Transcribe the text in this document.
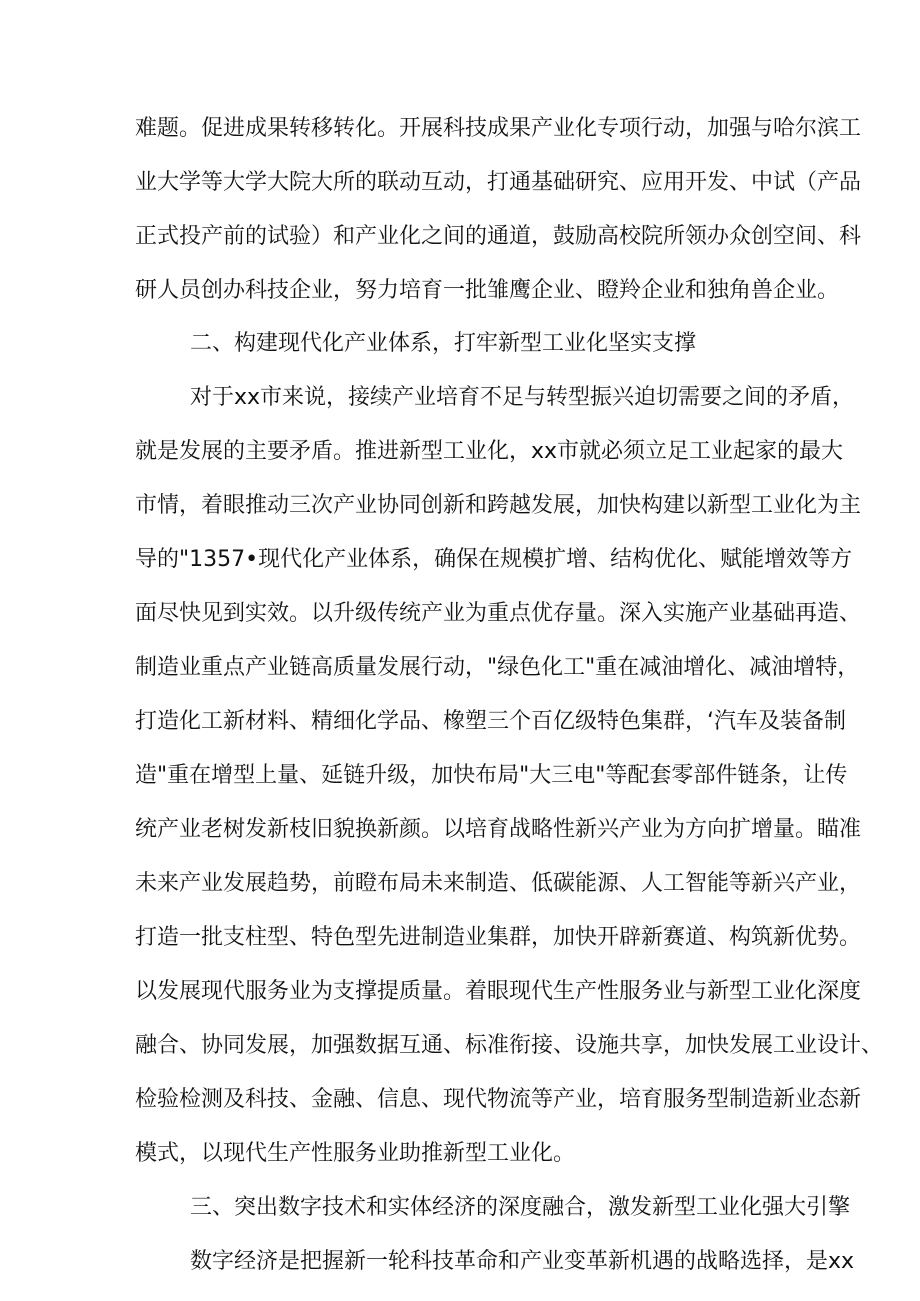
难题。促进成果转移转化。开展科技成果产业化专项行动，加强与哈尔滨工
业大学等大学大院大所的联动互动，打通基础研究、应用开发、中试（产品
正式投产前的试验）和产业化之间的通道，鼓励高校院所领办众创空间、科
研人员创办科技企业，努力培育一批雏鹰企业、瞪羚企业和独角兽企业。
二、构建现代化产业体系，打牢新型工业化坚实支撑
对于xx市来说，接续产业培育不足与转型振兴迫切需要之间的矛盾，
就是发展的主要矛盾。推进新型工业化，xx市就必须立足工业起家的最大
市情，着眼推动三次产业协同创新和跨越发展，加快构建以新型工业化为主
导的"1357•现代化产业体系，确保在规模扩增、结构优化、赋能增效等方
面尽快见到实效。以升级传统产业为重点优存量。深入实施产业基础再造、
制造业重点产业链高质量发展行动，"绿色化工"重在减油增化、减油增特，
打造化工新材料、精细化学品、橡塑三个百亿级特色集群，‘汽车及装备制
造"重在增型上量、延链升级，加快布局"大三电"等配套零部件链条，让传
统产业老树发新枝旧貌换新颜。以培育战略性新兴产业为方向扩增量。瞄准
未来产业发展趋势，前瞪布局未来制造、低碳能源、人工智能等新兴产业，
打造一批支柱型、特色型先进制造业集群，加快开辟新赛道、构筑新优势。
以发展现代服务业为支撑提质量。着眼现代生产性服务业与新型工业化深度
融合、协同发展，加强数据互通、标准衔接、设施共享，加快发展工业设计、
检验检测及科技、金融、信息、现代物流等产业，培育服务型制造新业态新
模式，以现代生产性服务业助推新型工业化。
三、突出数字技术和实体经济的深度融合，激发新型工业化强大引擎
数字经济是把握新一轮科技革命和产业变革新机遇的战略选择，是xx
